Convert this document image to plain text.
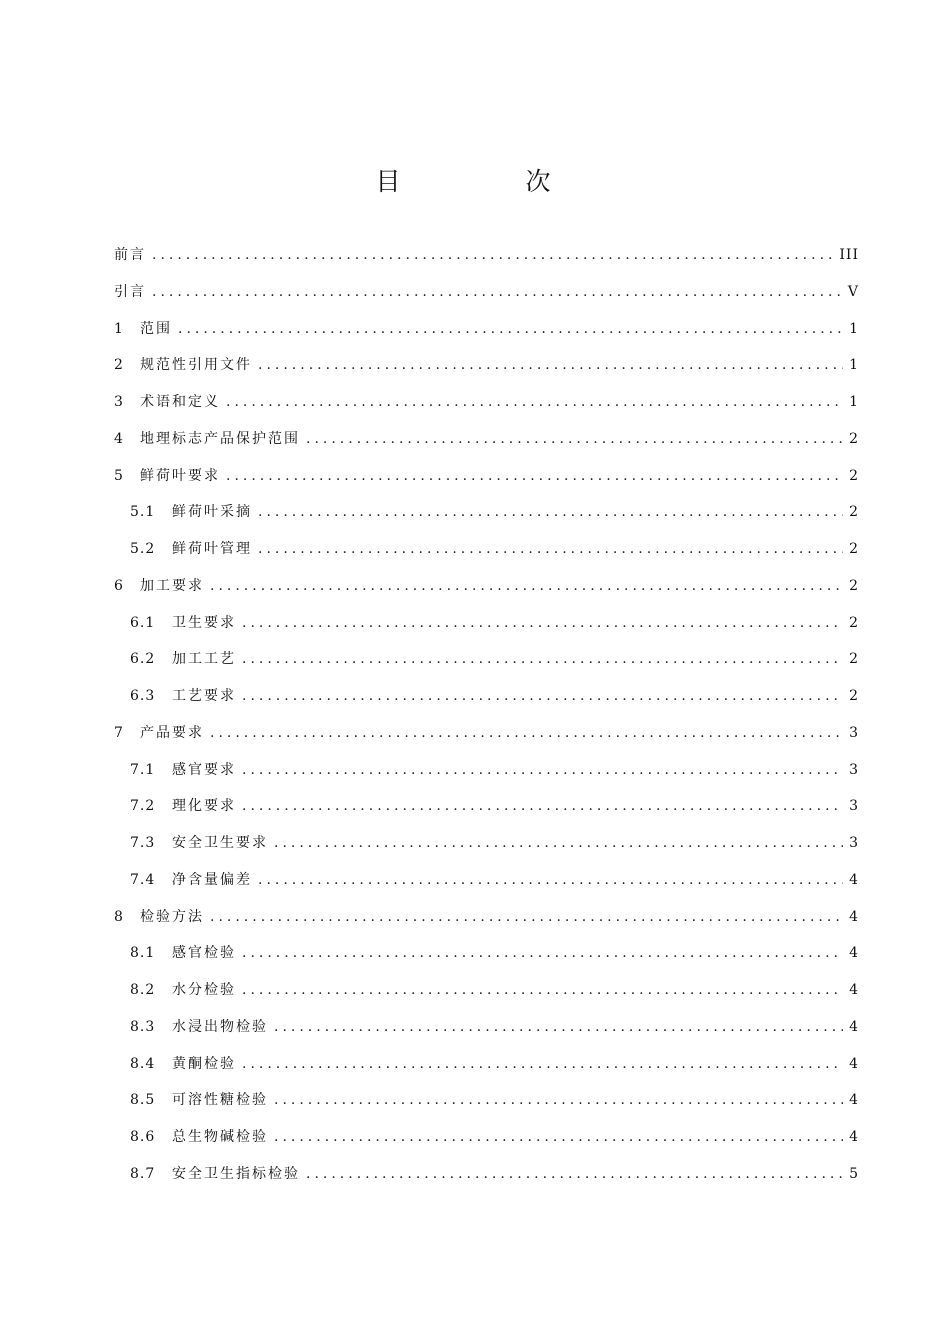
目　次
前言 .....	III
引言 .....	V
1	范围 .....	1
2	规范性引用文件 .....	1
3	术语和定义 .....	1
4	地理标志产品保护范围 .....	2
5	鲜荷叶要求 .....	2
5.1	鲜荷叶采摘 .....	2
5.2	鲜荷叶管理 .....	2
6	加工要求 .....	2
6.1	卫生要求 .....	2
6.2	加工工艺 .....	2
6.3	工艺要求 .....	2
7	产品要求 .....	3
7.1	感官要求 .....	3
7.2	理化要求 .....	3
7.3	安全卫生要求 .....	3
7.4	净含量偏差 .....	4
8	检验方法 .....	4
8.1	感官检验 .....	4
8.2	水分检验 .....	4
8.3	水浸出物检验 .....	4
8.4	黄酮检验 .....	4
8.5	可溶性糖检验 .....	4
8.6	总生物碱检验 .....	4
8.7	安全卫生指标检验 .....	5
